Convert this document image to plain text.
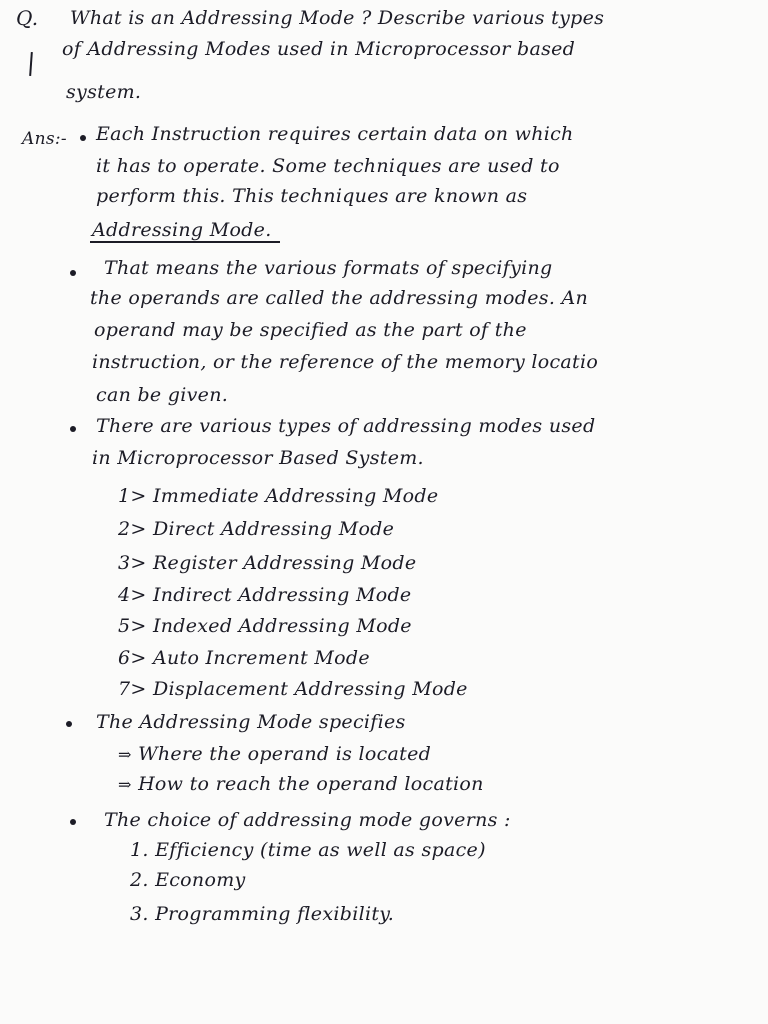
Q. What is an Addressing Mode ? Describe various types
of Addressing Modes used in Microprocessor based
system.
Ans:- Each Instruction requires certain data on which
it has to operate. Some techniques are used to
perform this. This techniques are known as
Addressing Mode.
That means the various formats of specifying
the operands are called the addressing modes. An
operand may be specified as the part of the
instruction, or the reference of the memory locatio
can be given.
There are various types of addressing modes used
in Microprocessor Based System.
1> Immediate Addressing Mode
2> Direct Addressing Mode
3> Register Addressing Mode
4> Indirect Addressing Mode
5> Indexed Addressing Mode
6> Auto Increment Mode
7> Displacement Addressing Mode
The Addressing Mode specifies
⇒ Where the operand is located
⇒ How to reach the operand location
The choice of addressing mode governs :
1. Efficiency (time as well as space)
2. Economy
3. Programming flexibility.
